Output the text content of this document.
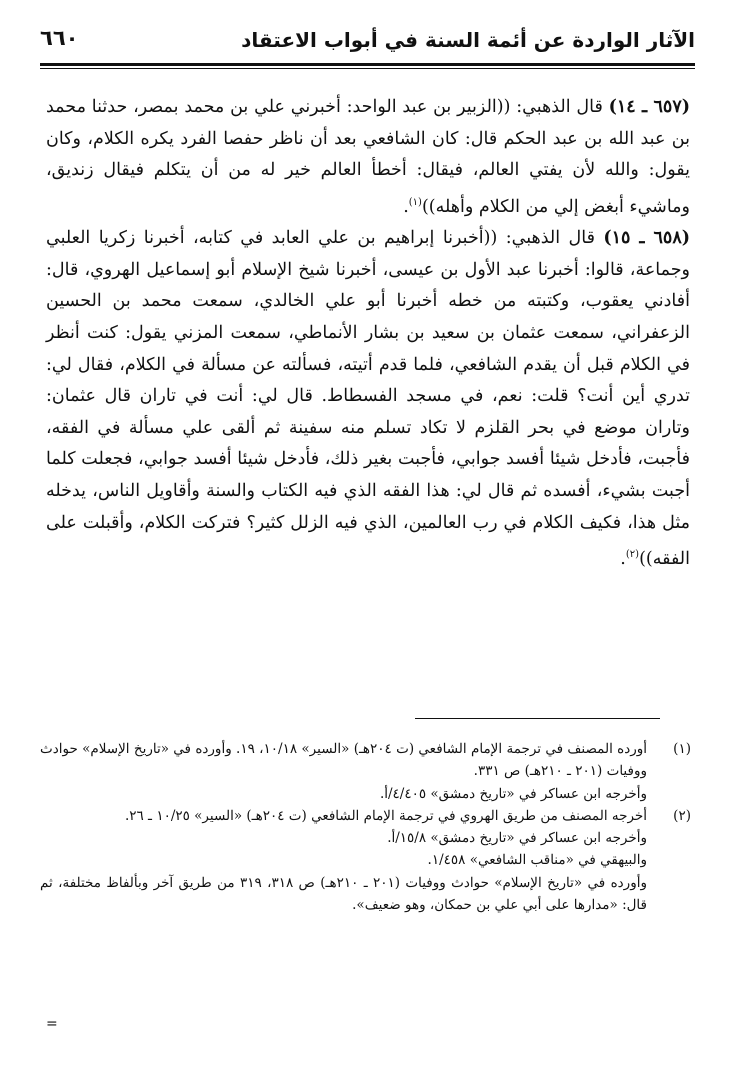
الآثار الواردة عن أئمة السنة في أبواب الاعتقاد
٦٦٠

(٦٥٧ ـ ١٤) قال الذهبي: ((الزبير بن عبد الواحد: أخبرني علي بن محمد بمصر، حدثنا محمد بن عبد الله بن عبد الحكم قال: كان الشافعي بعد أن ناظر حفصا الفرد يكره الكلام، وكان يقول: والله لأن يفتي العالم، فيقال: أخطأ العالم خير له من أن يتكلم فيقال زنديق، وماشيء أبغض إلي من الكلام وأهله))$^{(١)}$.

(٦٥٨ ـ ١٥) قال الذهبي: ((أخبرنا إبراهيم بن علي العابد في كتابه، أخبرنا زكريا العلبي وجماعة، قالوا: أخبرنا عبد الأول بن عيسى، أخبرنا شيخ الإسلام أبو إسماعيل الهروي، قال: أفادني يعقوب، وكتبته من خطه أخبرنا أبو علي الخالدي، سمعت محمد بن الحسين الزعفراني، سمعت عثمان بن سعيد بن بشار الأنماطي، سمعت المزني يقول: كنت أنظر في الكلام قبل أن يقدم الشافعي، فلما قدم أتيته، فسألته عن مسألة في الكلام، فقال لي: تدري أين أنت؟ قلت: نعم، في مسجد الفسطاط. قال لي: أنت في تاران قال عثمان: وتاران موضع في بحر القلزم لا تكاد تسلم منه سفينة ثم ألقى علي مسألة في الفقه، فأجبت، فأدخل شيئا أفسد جوابي، فأجبت بغير ذلك، فأدخل شيئا أفسد جوابي، فجعلت كلما أجبت بشيء، أفسده ثم قال لي: هذا الفقه الذي فيه الكتاب والسنة وأقاويل الناس، يدخله مثل هذا، فكيف الكلام في رب العالمين، الذي فيه الزلل كثير؟ فتركت الكلام، وأقبلت على الفقه))$^{(٢)}$.

(١)
أورده المصنف في ترجمة الإمام الشافعي (ت ٢٠٤هـ) «السير» ١٠/١٨، ١٩. وأورده في «تاريخ الإسلام» حوادث ووفيات (٢٠١ ـ ٢١٠هـ) ص ٣٣١.
وأخرجه ابن عساكر في «تاريخ دمشق» ٤/٤٠٥/أ.
(٢)
أخرجه المصنف من طريق الهروي في ترجمة الإمام الشافعي (ت ٢٠٤هـ) «السير» ١٠/٢٥ ـ ٢٦.
وأخرجه ابن عساكر في «تاريخ دمشق» ١٥/٨/أ.
والبيهقي في «مناقب الشافعي» ١/٤٥٨.
وأورده في «تاريخ الإسلام» حوادث ووفيات (٢٠١ ـ ٢١٠هـ) ص ٣١٨، ٣١٩ من طريق آخر وبألفاظ مختلفة، ثم قال: «مدارها على أبي علي بن حمكان، وهو ضعيف».
=
